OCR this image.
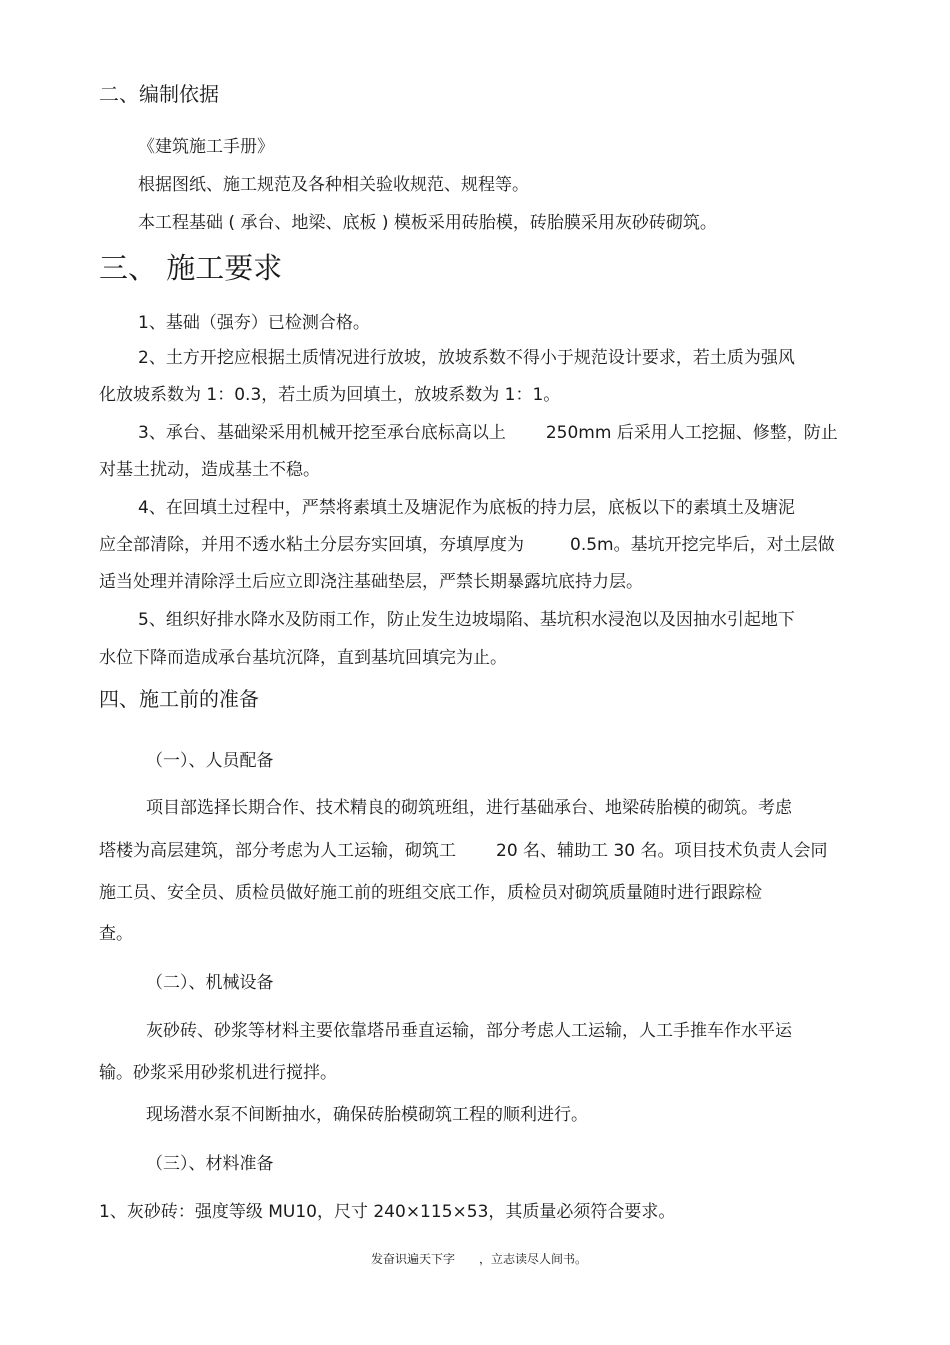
二、编制依据
《建筑施工手册》
根据图纸、施工规范及各种相关验收规范、规程等。
本工程基础 ( 承台、地梁、底板 ) 模板采用砖胎模，砖胎膜采用灰砂砖砌筑。
三、 施工要求
1、基础（强夯）已检测合格。
2、土方开挖应根据土质情况进行放坡，放坡系数不得小于规范设计要求，若土质为强风
化放坡系数为 1：0.3，若土质为回填土，放坡系数为 1：1。
3、承台、基础梁采用机械开挖至承台底标高以上 250mm 后采用人工挖掘、修整，防止
对基土扰动，造成基土不稳。
4、在回填土过程中，严禁将素填土及塘泥作为底板的持力层，底板以下的素填土及塘泥
应全部清除，并用不透水粘土分层夯实回填，夯填厚度为	0.5m。基坑开挖完毕后，对土层做
适当处理并清除浮土后应立即浇注基础垫层，严禁长期暴露坑底持力层。
5、组织好排水降水及防雨工作，防止发生边坡塌陷、基坑积水浸泡以及因抽水引起地下
水位下降而造成承台基坑沉降，直到基坑回填完为止。
四、施工前的准备
（一）、人员配备
项目部选择长期合作、技术精良的砌筑班组，进行基础承台、地梁砖胎模的砌筑。考虑
塔楼为高层建筑，部分考虑为人工运输，砌筑工 20 名、辅助工 30 名。项目技术负责人会同
施工员、安全员、质检员做好施工前的班组交底工作，质检员对砌筑质量随时进行跟踪检
查。
（二）、机械设备
灰砂砖、砂浆等材料主要依靠塔吊垂直运输，部分考虑人工运输，人工手推车作水平运
输。砂浆采用砂浆机进行搅拌。
现场潜水泵不间断抽水，确保砖胎模砌筑工程的顺利进行。
（三）、材料准备
1、灰砂砖：强度等级 MU10，尺寸 240×115×53，其质量必须符合要求。
发奋识遍天下字 ，立志读尽人间书。
